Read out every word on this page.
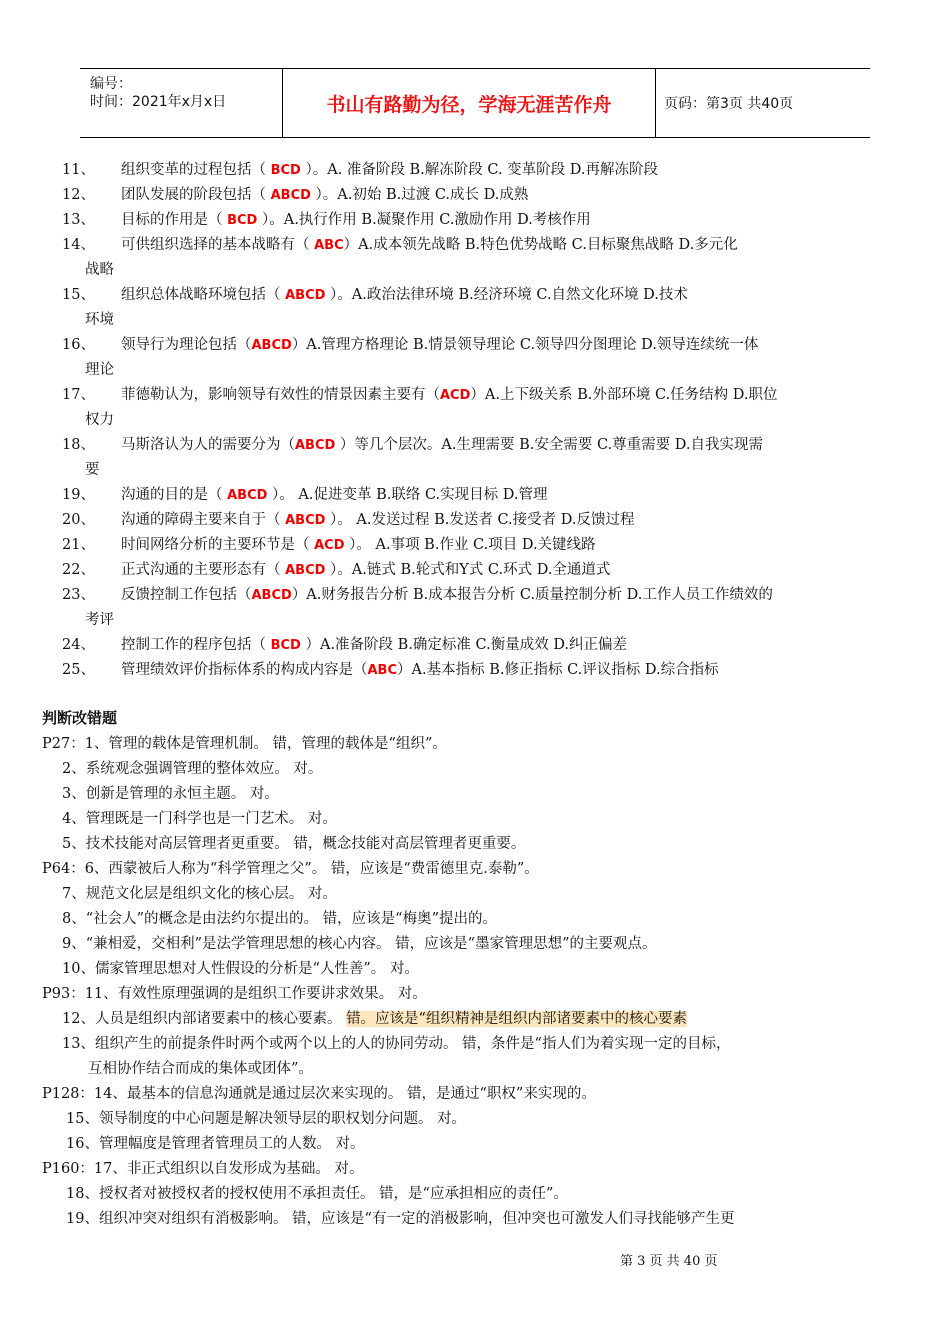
编号：
时间：2021年x月x日	书山有路勤为径，学海无涯苦作舟	页码：第3页 共40页
11、	组织变革的过程包括（ BCD ）。A. 准备阶段 B.解冻阶段 C. 变革阶段 D.再解冻阶段
12、	团队发展的阶段包括（ ABCD ）。A.初始 B.过渡 C.成长 D.成熟
13、	目标的作用是（ BCD ）。A.执行作用 B.凝聚作用 C.激励作用 D.考核作用
14、	可供组织选择的基本战略有（ ABC）A.成本领先战略 B.特色优势战略 C.目标聚焦战略 D.多元化
战略
15、	组织总体战略环境包括（ ABCD ）。A.政治法律环境 B.经济环境 C.自然文化环境 D.技术
环境
16、	领导行为理论包括（ABCD）A.管理方格理论 B.情景领导理论 C.领导四分图理论 D.领导连续统一体
理论
17、	菲德勒认为，影响领导有效性的情景因素主要有（ACD）A.上下级关系 B.外部环境 C.任务结构 D.职位
权力
18、	马斯洛认为人的需要分为（ABCD ）等几个层次。A.生理需要 B.安全需要 C.尊重需要 D.自我实现需
要
19、	沟通的目的是（ ABCD ）。 A.促进变革 B.联络 C.实现目标 D.管理
20、	沟通的障碍主要来自于（ ABCD ）。 A.发送过程 B.发送者 C.接受者 D.反馈过程
21、	时间网络分析的主要环节是（ ACD ）。 A.事项 B.作业 C.项目 D.关键线路
22、	正式沟通的主要形态有（ ABCD ）。A.链式 B.轮式和Y式 C.环式 D.全通道式
23、	反馈控制工作包括（ABCD）A.财务报告分析 B.成本报告分析 C.质量控制分析 D.工作人员工作绩效的
考评
24、	控制工作的程序包括（ BCD ）A.准备阶段 B.确定标准 C.衡量成效 D.纠正偏差
25、	管理绩效评价指标体系的构成内容是（ABC）A.基本指标 B.修正指标 C.评议指标 D.综合指标
判断改错题
P27：1、管理的载体是管理机制。 错，管理的载体是“组织”。
2、系统观念强调管理的整体效应。 对。
3、创新是管理的永恒主题。 对。
4、管理既是一门科学也是一门艺术。 对。
5、技术技能对高层管理者更重要。 错，概念技能对高层管理者更重要。
P64：6、西蒙被后人称为“科学管理之父”。 错，应该是“费雷德里克.泰勒”。
7、规范文化层是组织文化的核心层。 对。
8、“社会人”的概念是由法约尔提出的。 错，应该是“梅奥”提出的。
9、“兼相爱，交相利”是法学管理思想的核心内容。 错，应该是“墨家管理思想”的主要观点。
10、儒家管理思想对人性假设的分析是“人性善”。 对。
P93：11、有效性原理强调的是组织工作要讲求效果。 对。
12、人员是组织内部诸要素中的核心要素。 错。应该是“组织精神是组织内部诸要素中的核心要素
13、组织产生的前提条件时两个或两个以上的人的协同劳动。 错，条件是“指人们为着实现一定的目标，
互相协作结合而成的集体或团体”。
P128：14、最基本的信息沟通就是通过层次来实现的。 错，是通过“职权”来实现的。
15、领导制度的中心问题是解决领导层的职权划分问题。 对。
16、管理幅度是管理者管理员工的人数。 对。
P160：17、非正式组织以自发形成为基础。 对。
18、授权者对被授权者的授权使用不承担责任。 错，是“应承担相应的责任”。
19、组织冲突对组织有消极影响。 错，应该是“有一定的消极影响，但冲突也可激发人们寻找能够产生更
第 3 页 共 40 页
